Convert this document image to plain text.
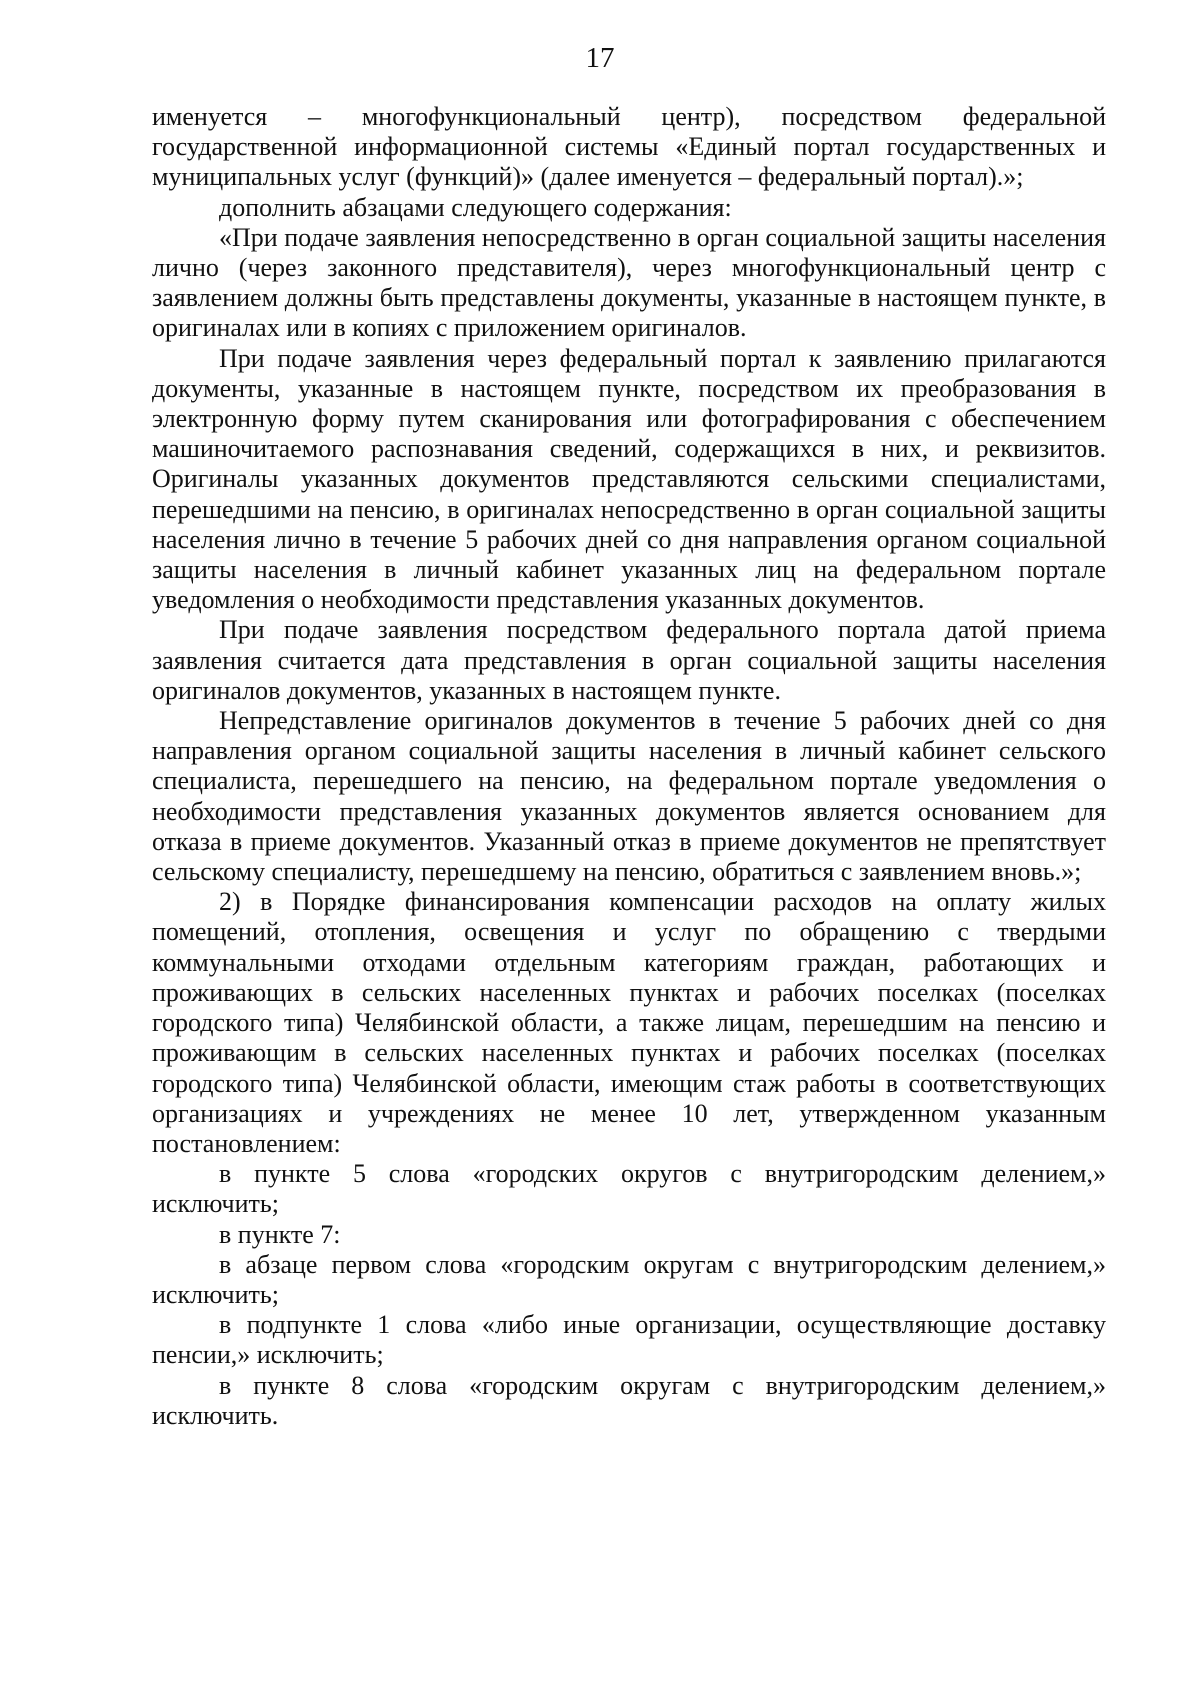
17

именуется – многофункциональный центр), посредством федеральной государственной информационной системы «Единый портал государственных и муниципальных услуг (функций)» (далее именуется – федеральный портал).»;

дополнить абзацами следующего содержания:

«При подаче заявления непосредственно в орган социальной защиты населения лично (через законного представителя), через многофункциональный центр с заявлением должны быть представлены документы, указанные в настоящем пункте, в оригиналах или в копиях с приложением оригиналов.

При подаче заявления через федеральный портал к заявлению прилагаются документы, указанные в настоящем пункте, посредством их преобразования в электронную форму путем сканирования или фотографирования с обеспечением машиночитаемого распознавания сведений, содержащихся в них, и реквизитов. Оригиналы указанных документов представляются сельскими специалистами, перешедшими на пенсию, в оригиналах непосредственно в орган социальной защиты населения лично в течение 5 рабочих дней со дня направления органом социальной защиты населения в личный кабинет указанных лиц на федеральном портале уведомления о необходимости представления указанных документов.

При подаче заявления посредством федерального портала датой приема заявления считается дата представления в орган социальной защиты населения оригиналов документов, указанных в настоящем пункте.

Непредставление оригиналов документов в течение 5 рабочих дней со дня направления органом социальной защиты населения в личный кабинет сельского специалиста, перешедшего на пенсию, на федеральном портале уведомления о необходимости представления указанных документов является основанием для отказа в приеме документов. Указанный отказ в приеме документов не препятствует сельскому специалисту, перешедшему на пенсию, обратиться с заявлением вновь.»;

2) в Порядке финансирования компенсации расходов на оплату жилых помещений, отопления, освещения и услуг по обращению с твердыми коммунальными отходами отдельным категориям граждан, работающих и проживающих в сельских населенных пунктах и рабочих поселках (поселках городского типа) Челябинской области, а также лицам, перешедшим на пенсию и проживающим в сельских населенных пунктах и рабочих поселках (поселках городского типа) Челябинской области, имеющим стаж работы в соответствующих организациях и учреждениях не менее 10 лет, утвержденном указанным постановлением:

в пункте 5 слова «городских округов с внутригородским делением,» исключить;

в пункте 7:

в абзаце первом слова «городским округам с внутригородским делением,» исключить;

в подпункте 1 слова «либо иные организации, осуществляющие доставку пенсии,» исключить;

в пункте 8 слова «городским округам с внутригородским делением,» исключить.
